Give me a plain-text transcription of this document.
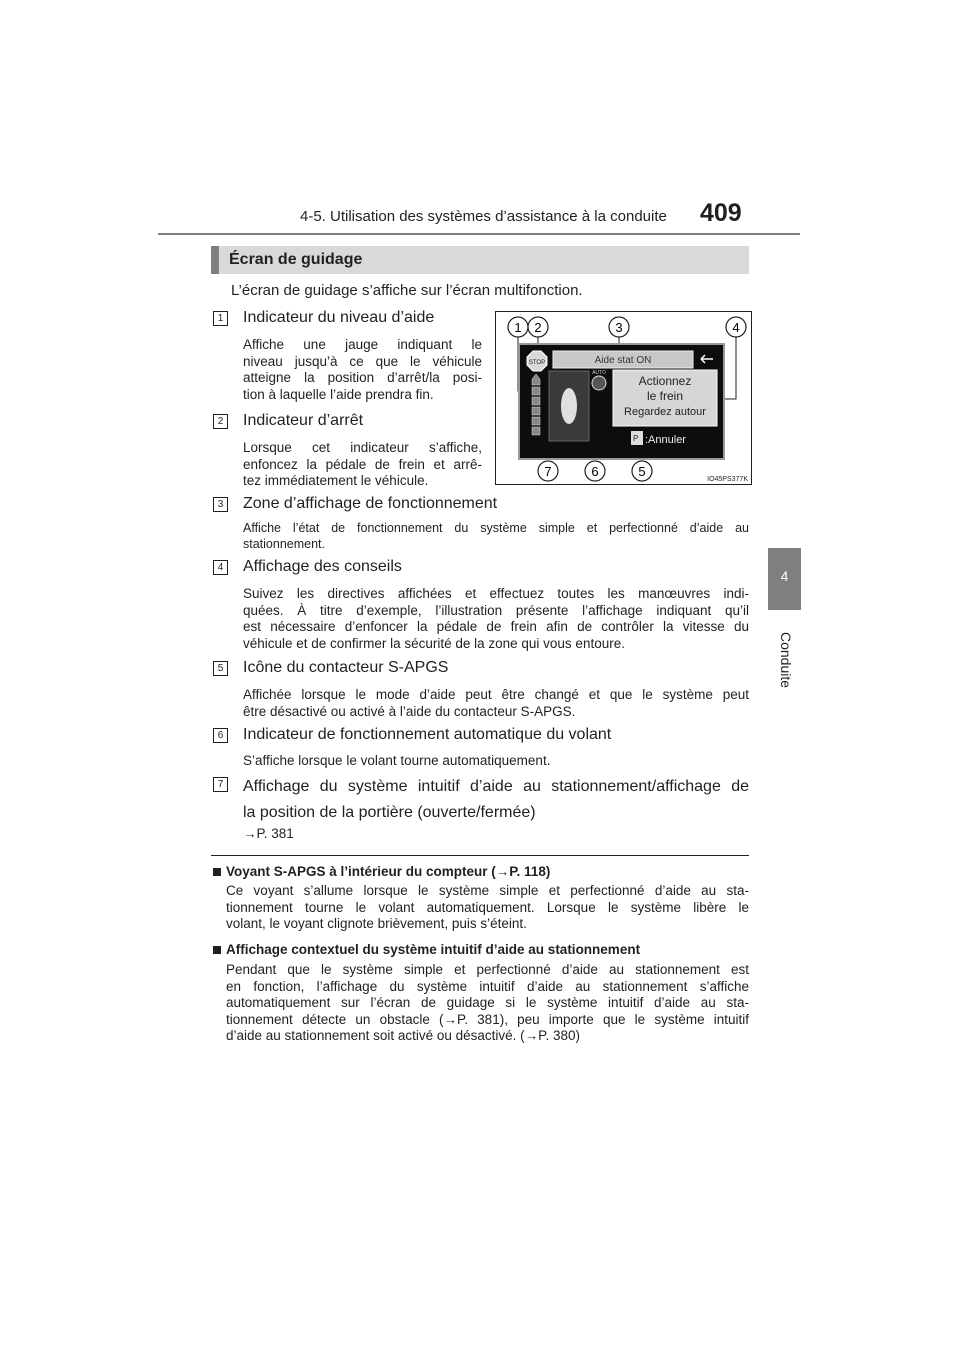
4-5. Utilisation des systèmes d’assistance à la conduite	409
4
Conduite
Écran de guidage
L’écran de guidage s’affiche sur l’écran multifonction.
1 Indicateur du niveau d’aide
Affiche une jauge indiquant le
niveau jusqu’à ce que le véhicule
atteigne la position d’arrêt/la posi-
tion à laquelle l’aide prendra fin.
2 Indicateur d’arrêt
Lorsque cet indicateur s’affiche,
enfoncez la pédale de frein et arrê-
tez immédiatement le véhicule.
3 Zone d’affichage de fonctionnement
Affiche l’état de fonctionnement du système simple et perfectionné d’aide au
stationnement.
4 Affichage des conseils
Suivez les directives affichées et effectuez toutes les manœuvres indi-
quées. À titre d’exemple, l’illustration présente l’affichage indiquant qu’il
est nécessaire d’enfoncer la pédale de frein afin de contrôler la vitesse du
véhicule et de confirmer la sécurité de la zone qui vous entoure.
5 Icône du contacteur S-APGS
Affichée lorsque le mode d’aide peut être changé et que le système peut
être désactivé ou activé à l’aide du contacteur S-APGS.
6 Indicateur de fonctionnement automatique du volant
S’affiche lorsque le volant tourne automatiquement.
7 Affichage du système intuitif d’aide au stationnement/affichage de
la position de la portière (ouverte/fermée)
→P. 381
Voyant S-APGS à l’intérieur du compteur (→P. 118)
Ce voyant s’allume lorsque le système simple et perfectionné d’aide au sta-
tionnement tourne le volant automatiquement. Lorsque le système libère le
volant, le voyant clignote brièvement, puis s’éteint.
Affichage contextuel du système intuitif d’aide au stationnement
Pendant que le système simple et perfectionné d’aide au stationnement est
en fonction, l’affichage du système intuitif d’aide au stationnement s’affiche
automatiquement sur l’écran de guidage si le système intuitif d’aide au sta-
tionnement détecte un obstacle (→P. 381), peu importe que le système intuitif
d’aide au stationnement soit activé ou désactivé. (→P. 380)
STOP	Aide stat ON
AUTO
Actionnez
le frein
Regardez autour
P :Annuler
1 2	3	4
7	6	5
IO45PS377K
